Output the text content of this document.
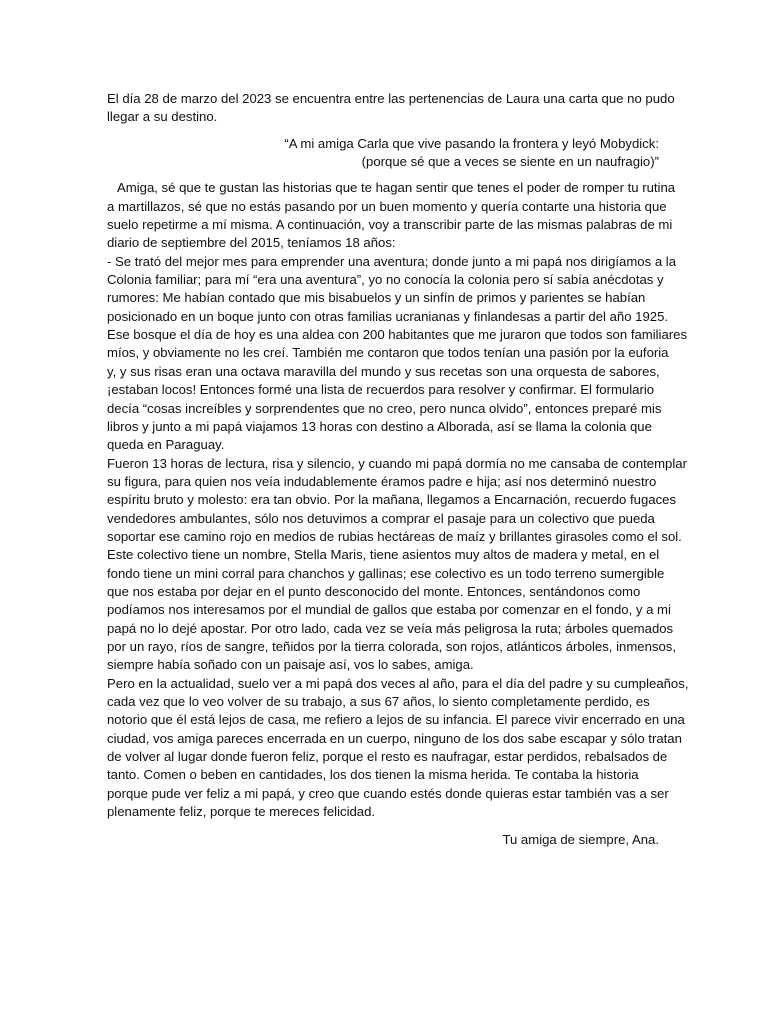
El día 28 de marzo del 2023 se encuentra entre las pertenencias de Laura una carta que no pudo
llegar a su destino.

“A mi amiga Carla que vive pasando la frontera y leyó Mobydick:
(porque sé que a veces se siente en un naufragio)”

Amiga, sé que te gustan las historias que te hagan sentir que tenes el poder de romper tu rutina
a martillazos, sé que no estás pasando por un buen momento y quería contarte una historia que
suelo repetirme a mí misma. A continuación, voy a transcribir parte de las mismas palabras de mi
diario de septiembre del 2015, teníamos 18 años:
- Se trató del mejor mes para emprender una aventura; donde junto a mi papá nos dirigíamos a la
Colonia familiar; para mí “era una aventura”, yo no conocía la colonia pero sí sabía anécdotas y
rumores: Me habían contado que mis bisabuelos y un sinfín de primos y parientes se habían
posicionado en un boque junto con otras familias ucranianas y finlandesas a partir del año 1925.
Ese bosque el día de hoy es una aldea con 200 habitantes que me juraron que todos son familiares
míos, y obviamente no les creí. También me contaron que todos tenían una pasión por la euforia
y, y sus risas eran una octava maravilla del mundo y sus recetas son una orquesta de sabores,
¡estaban locos! Entonces formé una lista de recuerdos para resolver y confirmar. El formulario
decía “cosas increíbles y sorprendentes que no creo, pero nunca olvido”, entonces preparé mis
libros y junto a mi papá viajamos 13 horas con destino a Alborada, así se llama la colonia que
queda en Paraguay.
Fueron 13 horas de lectura, risa y silencio, y cuando mi papá dormía no me cansaba de contemplar
su figura, para quien nos veía indudablemente éramos padre e hija; así nos determinó nuestro
espíritu bruto y molesto: era tan obvio. Por la mañana, llegamos a Encarnación, recuerdo fugaces
vendedores ambulantes, sólo nos detuvimos a comprar el pasaje para un colectivo que pueda
soportar ese camino rojo en medios de rubias hectáreas de maíz y brillantes girasoles como el sol.
Este colectivo tiene un nombre, Stella Maris, tiene asientos muy altos de madera y metal, en el
fondo tiene un mini corral para chanchos y gallinas; ese colectivo es un todo terreno sumergible
que nos estaba por dejar en el punto desconocido del monte. Entonces, sentándonos como
podíamos nos interesamos por el mundial de gallos que estaba por comenzar en el fondo, y a mi
papá no lo dejé apostar. Por otro lado, cada vez se veía más peligrosa la ruta; árboles quemados
por un rayo, ríos de sangre, teñidos por la tierra colorada, son rojos, atlánticos árboles, inmensos,
siempre había soñado con un paisaje así, vos lo sabes, amiga.
Pero en la actualidad, suelo ver a mi papá dos veces al año, para el día del padre y su cumpleaños,
cada vez que lo veo volver de su trabajo, a sus 67 años, lo siento completamente perdido, es
notorio que él está lejos de casa, me refiero a lejos de su infancia. El parece vivir encerrado en una
ciudad, vos amiga pareces encerrada en un cuerpo, ninguno de los dos sabe escapar y sólo tratan
de volver al lugar donde fueron feliz, porque el resto es naufragar, estar perdidos, rebalsados de
tanto. Comen o beben en cantidades, los dos tienen la misma herida. Te contaba la historia
porque pude ver feliz a mi papá, y creo que cuando estés donde quieras estar también vas a ser
plenamente feliz, porque te mereces felicidad.

Tu amiga de siempre, Ana.
